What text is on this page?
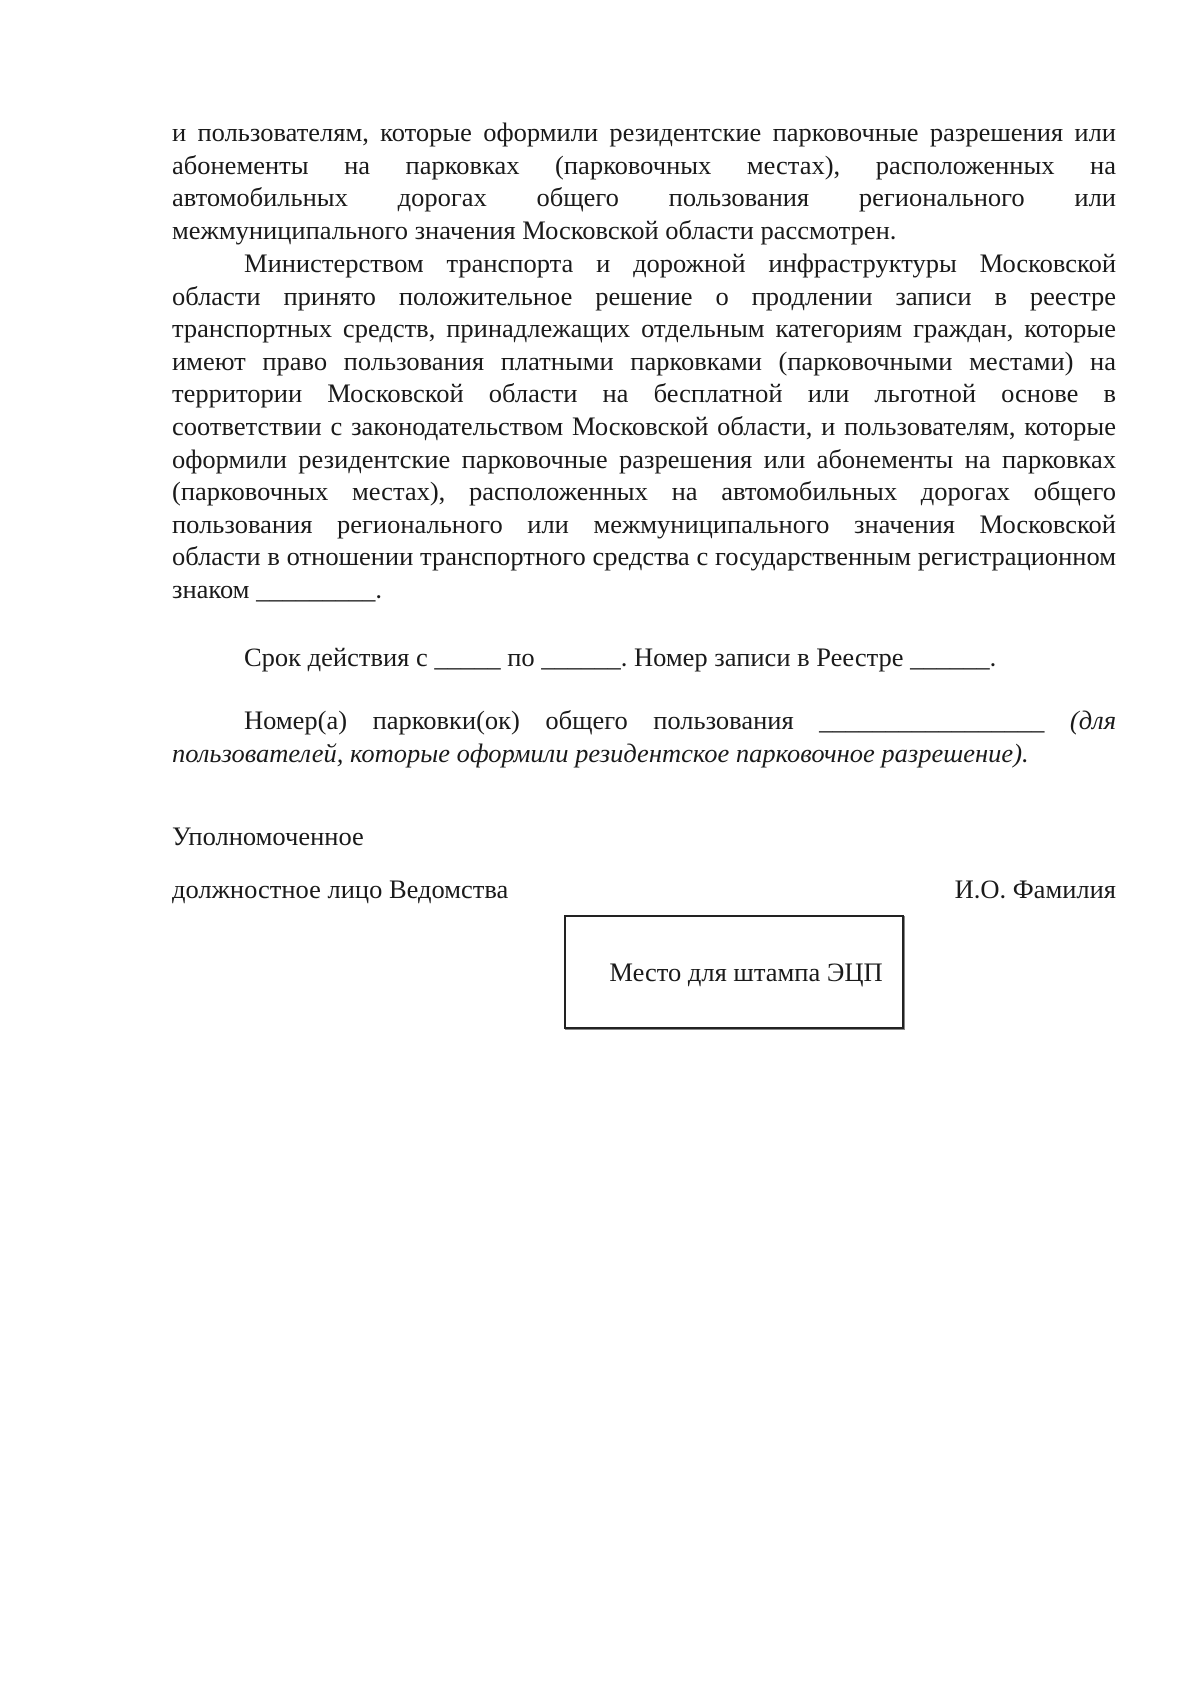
и пользователям, которые оформили резидентские парковочные разрешения или абонементы на парковках (парковочных местах), расположенных на автомобильных дорогах общего пользования регионального или межмуниципального значения Московской области рассмотрен.
Министерством транспорта и дорожной инфраструктуры Московской области принято положительное решение о продлении записи в реестре транспортных средств, принадлежащих отдельным категориям граждан, которые имеют право пользования платными парковками (парковочными местами) на территории Московской области на бесплатной или льготной основе в соответствии с законодательством Московской области, и пользователям, которые оформили резидентские парковочные разрешения или абонементы на парковках (парковочных местах), расположенных на автомобильных дорогах общего пользования регионального или межмуниципального значения Московской области в отношении транспортного средства с государственным регистрационном знаком _________.
Срок действия с _____ по ______. Номер записи в Реестре ______.
Номер(а) парковки(ок) общего пользования _________________ (для пользователей, которые оформили резидентское парковочное разрешение).
Уполномоченное
должностное лицо Ведомства	И.О. Фамилия
Место для штампа ЭЦП
